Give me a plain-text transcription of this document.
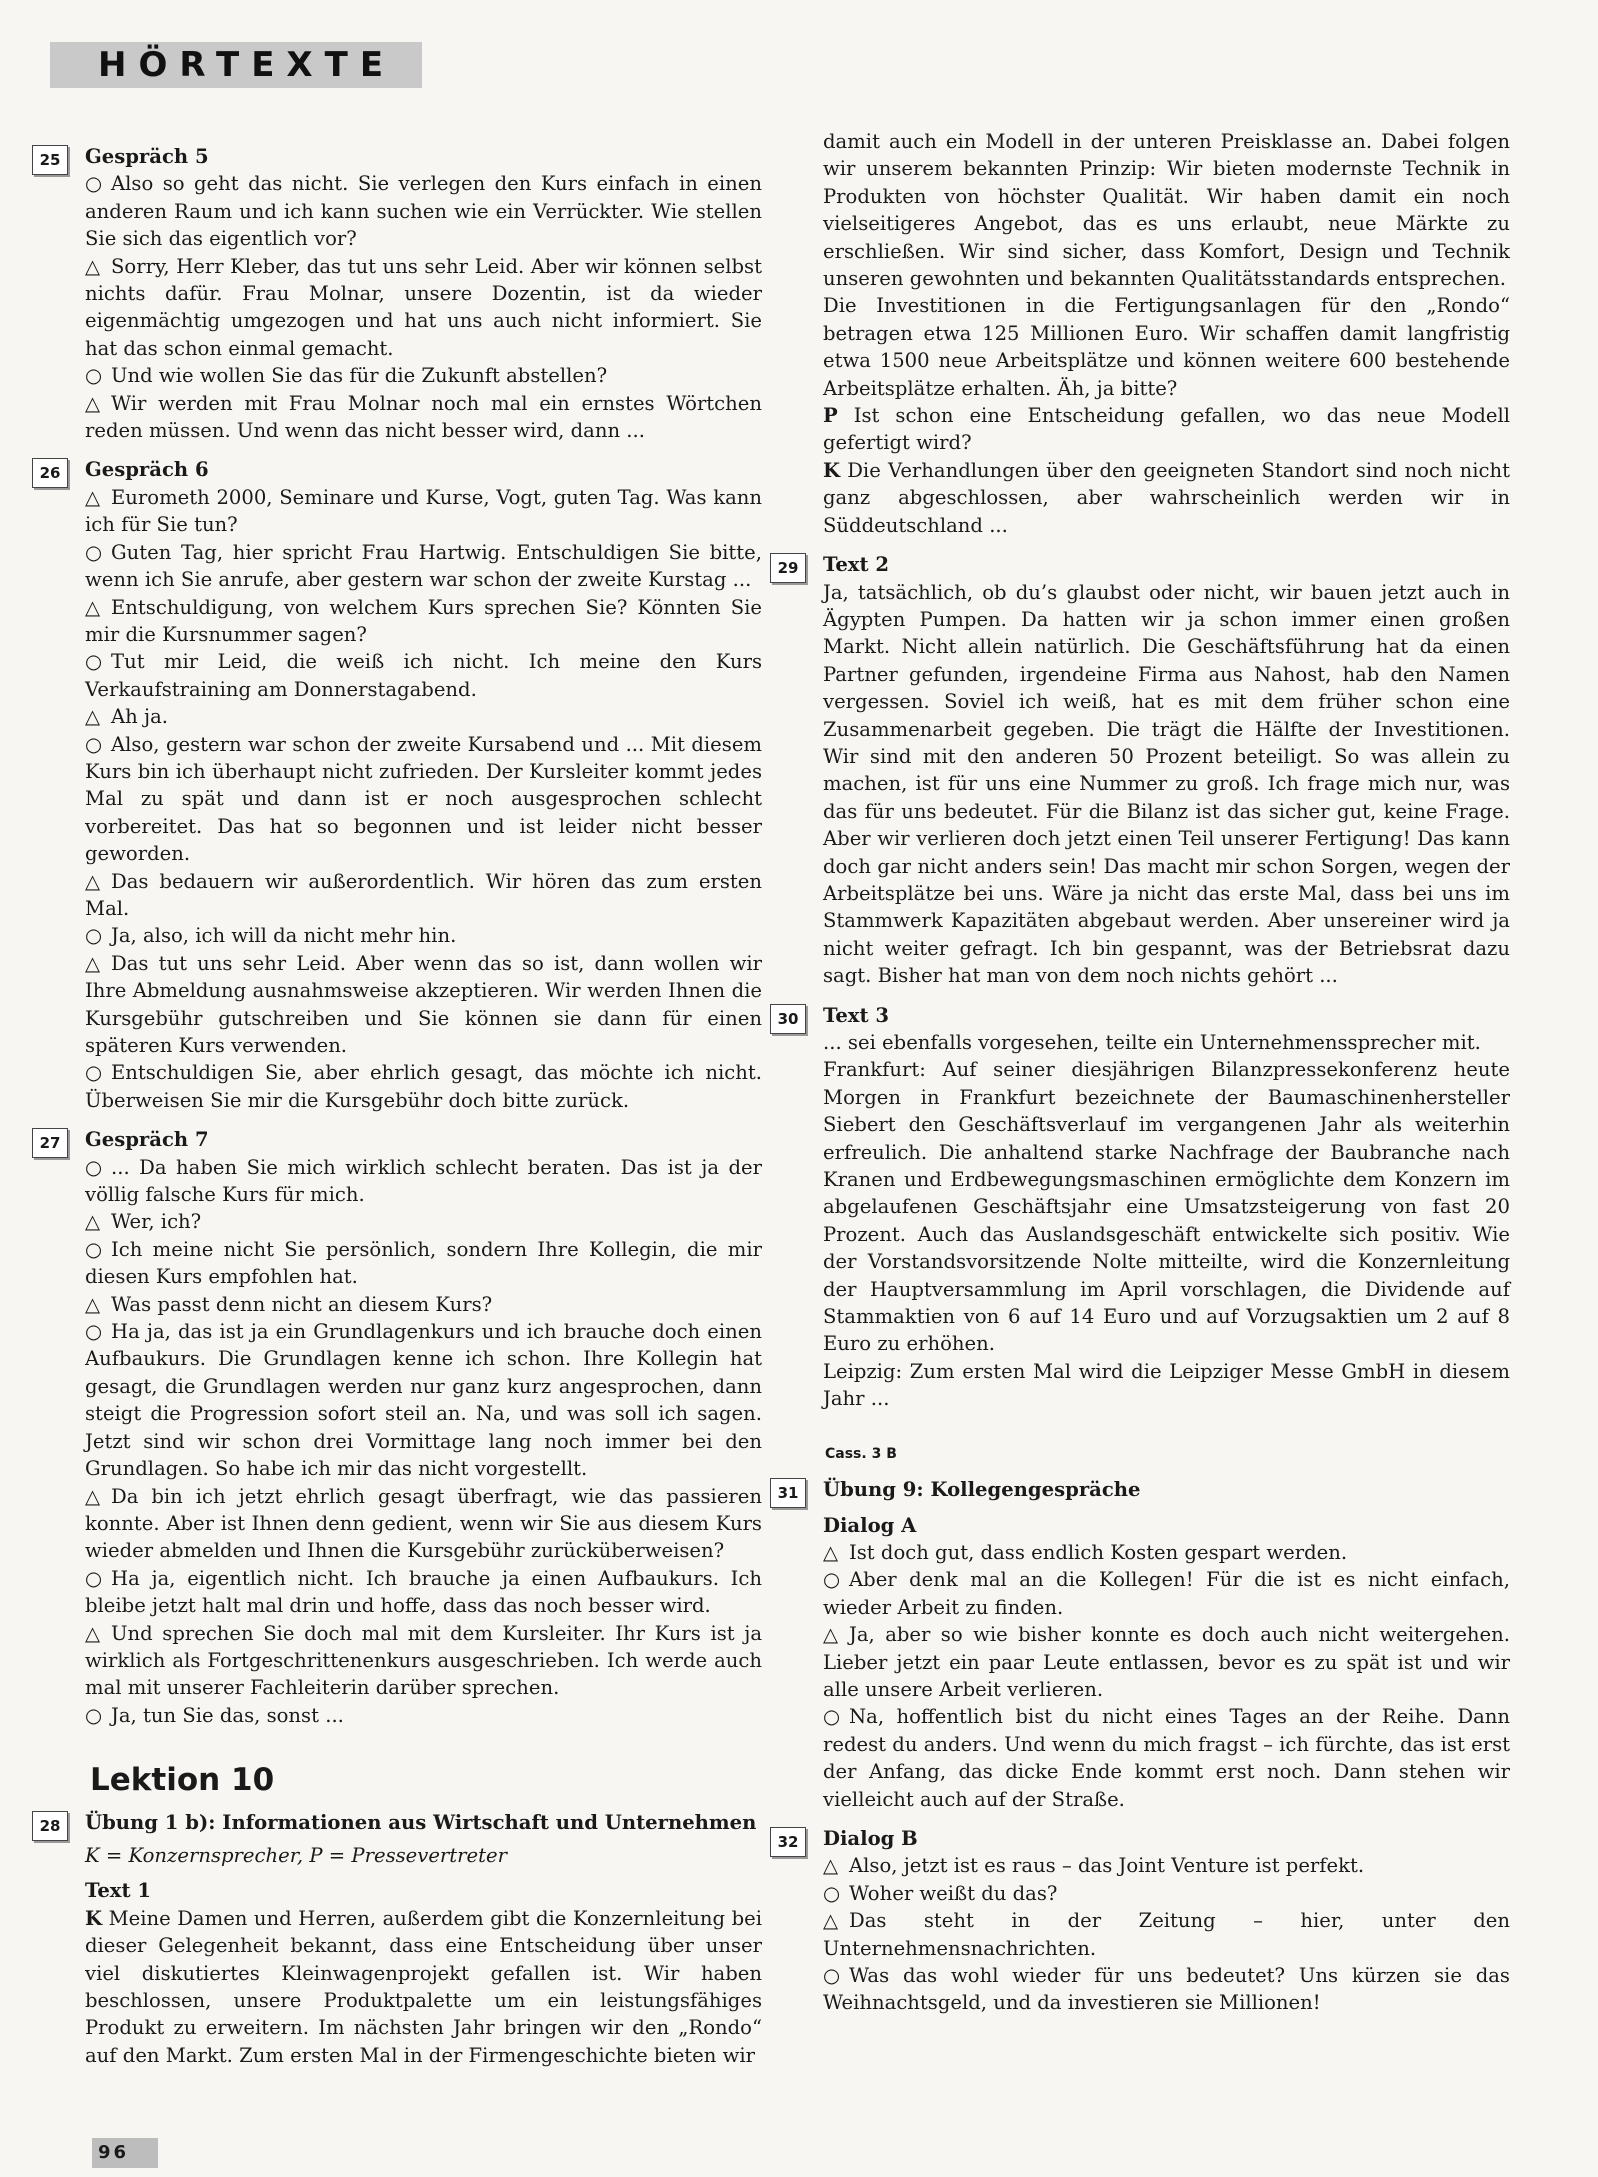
HÖRTEXTE
25	Gespräch 5

○ Also so geht das nicht. Sie verlegen den Kurs einfach in einen anderen Raum und ich kann suchen wie ein Verrückter. Wie stellen Sie sich das eigentlich vor?

△ Sorry, Herr Kleber, das tut uns sehr Leid. Aber wir können selbst nichts dafür. Frau Molnar, unsere Dozentin, ist da wieder eigenmächtig umgezogen und hat uns auch nicht informiert. Sie hat das schon einmal gemacht.

○ Und wie wollen Sie das für die Zukunft abstellen?

△ Wir werden mit Frau Molnar noch mal ein ernstes Wörtchen reden müssen. Und wenn das nicht besser wird, dann ...

26	Gespräch 6

△ Eurometh 2000, Seminare und Kurse, Vogt, guten Tag. Was kann ich für Sie tun?

○ Guten Tag, hier spricht Frau Hartwig. Entschuldigen Sie bitte, wenn ich Sie anrufe, aber gestern war schon der zweite Kurstag ...

△ Entschuldigung, von welchem Kurs sprechen Sie? Könnten Sie mir die Kursnummer sagen?

○ Tut mir Leid, die weiß ich nicht. Ich meine den Kurs Verkaufstraining am Donnerstagabend.

△ Ah ja.

○ Also, gestern war schon der zweite Kursabend und ... Mit diesem Kurs bin ich überhaupt nicht zufrieden. Der Kursleiter kommt jedes Mal zu spät und dann ist er noch ausgesprochen schlecht vorbereitet. Das hat so begonnen und ist leider nicht besser geworden.

△ Das bedauern wir außerordentlich. Wir hören das zum ersten Mal.

○ Ja, also, ich will da nicht mehr hin.

△ Das tut uns sehr Leid. Aber wenn das so ist, dann wollen wir Ihre Abmeldung ausnahmsweise akzeptieren. Wir werden Ihnen die Kursgebühr gutschreiben und Sie können sie dann für einen späteren Kurs verwenden.

○ Entschuldigen Sie, aber ehrlich gesagt, das möchte ich nicht. Überweisen Sie mir die Kursgebühr doch bitte zurück.

27	Gespräch 7

○ ... Da haben Sie mich wirklich schlecht beraten. Das ist ja der völlig falsche Kurs für mich.

△ Wer, ich?

○ Ich meine nicht Sie persönlich, sondern Ihre Kollegin, die mir diesen Kurs empfohlen hat.

△ Was passt denn nicht an diesem Kurs?

○ Ha ja, das ist ja ein Grundlagenkurs und ich brauche doch einen Aufbaukurs. Die Grundlagen kenne ich schon. Ihre Kollegin hat gesagt, die Grundlagen werden nur ganz kurz angesprochen, dann steigt die Progression sofort steil an. Na, und was soll ich sagen. Jetzt sind wir schon drei Vormittage lang noch immer bei den Grundlagen. So habe ich mir das nicht vorgestellt.

△ Da bin ich jetzt ehrlich gesagt überfragt, wie das passieren konnte. Aber ist Ihnen denn gedient, wenn wir Sie aus diesem Kurs wieder abmelden und Ihnen die Kursgebühr zurücküberweisen?

○ Ha ja, eigentlich nicht. Ich brauche ja einen Aufbaukurs. Ich bleibe jetzt halt mal drin und hoffe, dass das noch besser wird.

△ Und sprechen Sie doch mal mit dem Kursleiter. Ihr Kurs ist ja wirklich als Fortgeschrittenenkurs ausgeschrieben. Ich werde auch mal mit unserer Fachleiterin darüber sprechen.

○ Ja, tun Sie das, sonst ...

Lektion 10
28	Übung 1 b): Informationen aus Wirtschaft und Unternehmen
K = Konzernsprecher, P = Pressevertreter
Text 1

K Meine Damen und Herren, außerdem gibt die Konzernleitung bei dieser Gelegenheit bekannt, dass eine Entscheidung über unser viel diskutiertes Kleinwagenprojekt gefallen ist. Wir haben beschlossen, unsere Produktpalette um ein leistungsfähiges Produkt zu erweitern. Im nächsten Jahr bringen wir den „Rondo“ auf den Markt. Zum ersten Mal in der Firmengeschichte bieten wir

damit auch ein Modell in der unteren Preisklasse an. Dabei folgen wir unserem bekannten Prinzip: Wir bieten modernste Technik in Produkten von höchster Qualität. Wir haben damit ein noch vielseitigeres Angebot, das es uns erlaubt, neue Märkte zu erschließen. Wir sind sicher, dass Komfort, Design und Technik unseren gewohnten und bekannten Qualitätsstandards entsprechen.

Die Investitionen in die Fertigungsanlagen für den „Rondo“ betragen etwa 125 Millionen Euro. Wir schaffen damit langfristig etwa 1500 neue Arbeitsplätze und können weitere 600 bestehende Arbeitsplätze erhalten. Äh, ja bitte?

P Ist schon eine Entscheidung gefallen, wo das neue Modell gefertigt wird?

K Die Verhandlungen über den geeigneten Standort sind noch nicht ganz abgeschlossen, aber wahrscheinlich werden wir in Süddeutschland ...

29	Text 2

Ja, tatsächlich, ob du’s glaubst oder nicht, wir bauen jetzt auch in Ägypten Pumpen. Da hatten wir ja schon immer einen großen Markt. Nicht allein natürlich. Die Geschäftsführung hat da einen Partner gefunden, irgendeine Firma aus Nahost, hab den Namen vergessen. Soviel ich weiß, hat es mit dem früher schon eine Zusammenarbeit gegeben. Die trägt die Hälfte der Investitionen. Wir sind mit den anderen 50 Prozent beteiligt. So was allein zu machen, ist für uns eine Nummer zu groß. Ich frage mich nur, was das für uns bedeutet. Für die Bilanz ist das sicher gut, keine Frage. Aber wir verlieren doch jetzt einen Teil unserer Fertigung! Das kann doch gar nicht anders sein! Das macht mir schon Sorgen, wegen der Arbeitsplätze bei uns. Wäre ja nicht das erste Mal, dass bei uns im Stammwerk Kapazitäten abgebaut werden. Aber unsereiner wird ja nicht weiter gefragt. Ich bin gespannt, was der Betriebsrat dazu sagt. Bisher hat man von dem noch nichts gehört ...

30	Text 3

... sei ebenfalls vorgesehen, teilte ein Unternehmenssprecher mit.

Frankfurt: Auf seiner diesjährigen Bilanzpressekonferenz heute Morgen in Frankfurt bezeichnete der Baumaschinenhersteller Siebert den Geschäftsverlauf im vergangenen Jahr als weiterhin erfreulich. Die anhaltend starke Nachfrage der Baubranche nach Kranen und Erdbewegungsmaschinen ermöglichte dem Konzern im abgelaufenen Geschäftsjahr eine Umsatzsteigerung von fast 20 Prozent. Auch das Auslandsgeschäft entwickelte sich positiv. Wie der Vorstandsvorsitzende Nolte mitteilte, wird die Konzernleitung der Hauptversammlung im April vorschlagen, die Dividende auf Stammaktien von 6 auf 14 Euro und auf Vorzugsaktien um 2 auf 8 Euro zu erhöhen.

Leipzig: Zum ersten Mal wird die Leipziger Messe GmbH in diesem Jahr ...

Cass. 3 B
31	Übung 9: Kollegengespräche
Dialog A

△ Ist doch gut, dass endlich Kosten gespart werden.

○ Aber denk mal an die Kollegen! Für die ist es nicht einfach, wieder Arbeit zu finden.

△ Ja, aber so wie bisher konnte es doch auch nicht weitergehen. Lieber jetzt ein paar Leute entlassen, bevor es zu spät ist und wir alle unsere Arbeit verlieren.

○ Na, hoffentlich bist du nicht eines Tages an der Reihe. Dann redest du anders. Und wenn du mich fragst – ich fürchte, das ist erst der Anfang, das dicke Ende kommt erst noch. Dann stehen wir vielleicht auch auf der Straße.

32	Dialog B

△ Also, jetzt ist es raus – das Joint Venture ist perfekt.

○ Woher weißt du das?

△ Das steht in der Zeitung – hier, unter den Unternehmensnachrichten.

○ Was das wohl wieder für uns bedeutet? Uns kürzen sie das Weihnachtsgeld, und da investieren sie Millionen!

96
